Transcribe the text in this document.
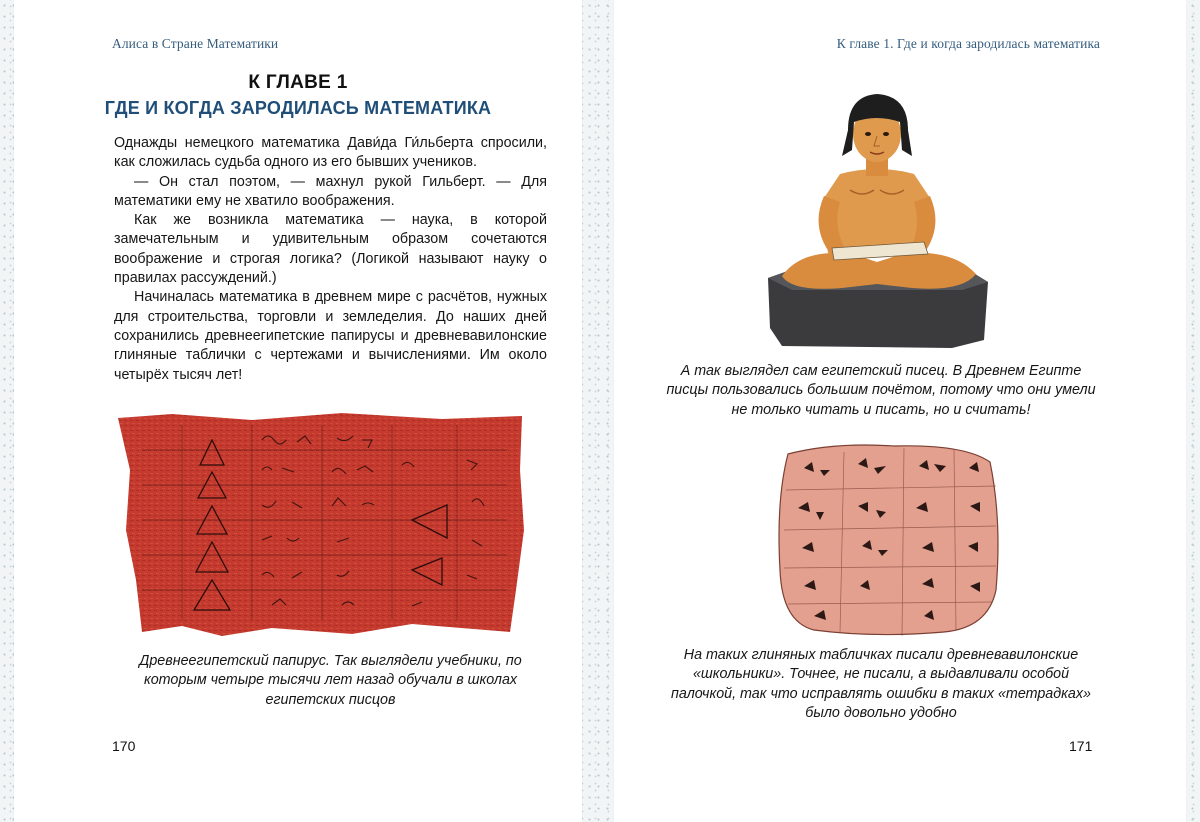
Алиса в Стране Математики
К ГЛАВЕ 1
ГДЕ И КОГДА ЗАРОДИЛАСЬ МАТЕМАТИКА

Однажды немецкого математика Дави́да Ги́льберта спросили, как сложилась судьба одного из его бывших учеников.

— Он стал поэтом, — махнул рукой Гильберт. — Для математики ему не хватило воображения.

Как же возникла математика — наука, в которой замечательным и удивительным образом сочетаются воображение и строгая логика? (Логикой называют науку о правилах рассуждений.)

Начиналась математика в древнем мире с расчётов, нужных для строительства, торговли и земледелия. До наших дней сохранились древнеегипетские папирусы и древневавилонские глиняные таблички с чертежами и вычислениями. Им около четырёх тысяч лет!

Древнеегипетский папирус. Так выглядели учебники, по которым четыре тысячи лет назад обучали в школах египетских писцов
170
К главе 1. Где и когда зародилась математика
А так выглядел сам египетский писец. В Древнем Египте писцы пользовались большим почётом, потому что они умели не только читать и писать, но и считать!
На таких глиняных табличках писали древневавилонские «школьники». Точнее, не писали, а выдавливали особой палочкой, так что исправлять ошибки в таких «тетрадках» было довольно удобно
171
